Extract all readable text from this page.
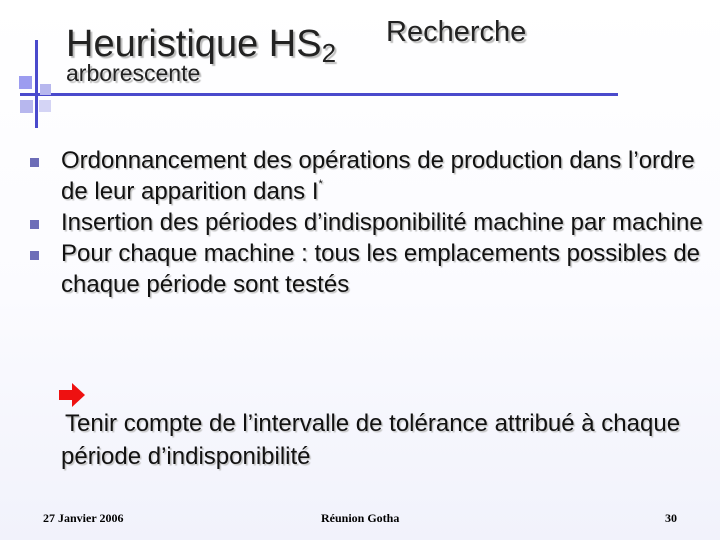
Heuristique $HS_2$
Recherche
arborescente
Ordonnancement des opérations de production dans l’ordre de leur apparition dans I*
Insertion des périodes d’indisponibilité machine par machine
Pour chaque machine : tous les emplacements possibles de chaque période sont testés
Tenir compte de l’intervalle de tolérance attribué à chaque période d’indisponibilité
27 Janvier 2006	Réunion Gotha	30
